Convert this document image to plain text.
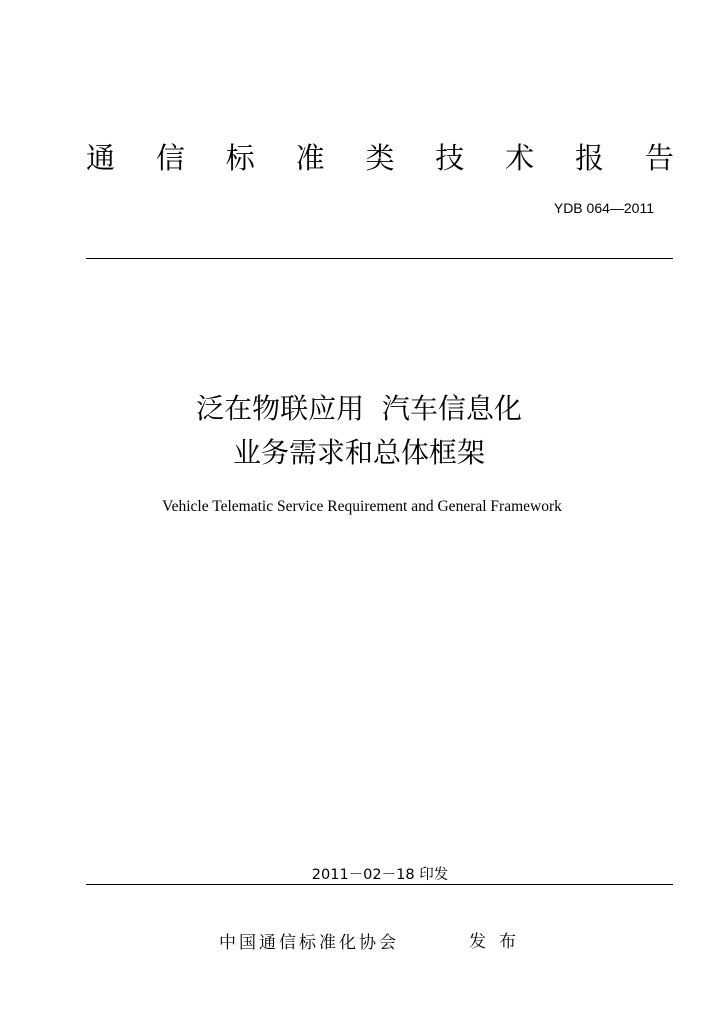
通 信 标 准 类 技 术 报 告
YDB 064—2011
泛在物联应用  汽车信息化
业务需求和总体框架
Vehicle Telematic Service Requirement and General Framework
2011－02－18 印发
中国通信标准化协会	发布
